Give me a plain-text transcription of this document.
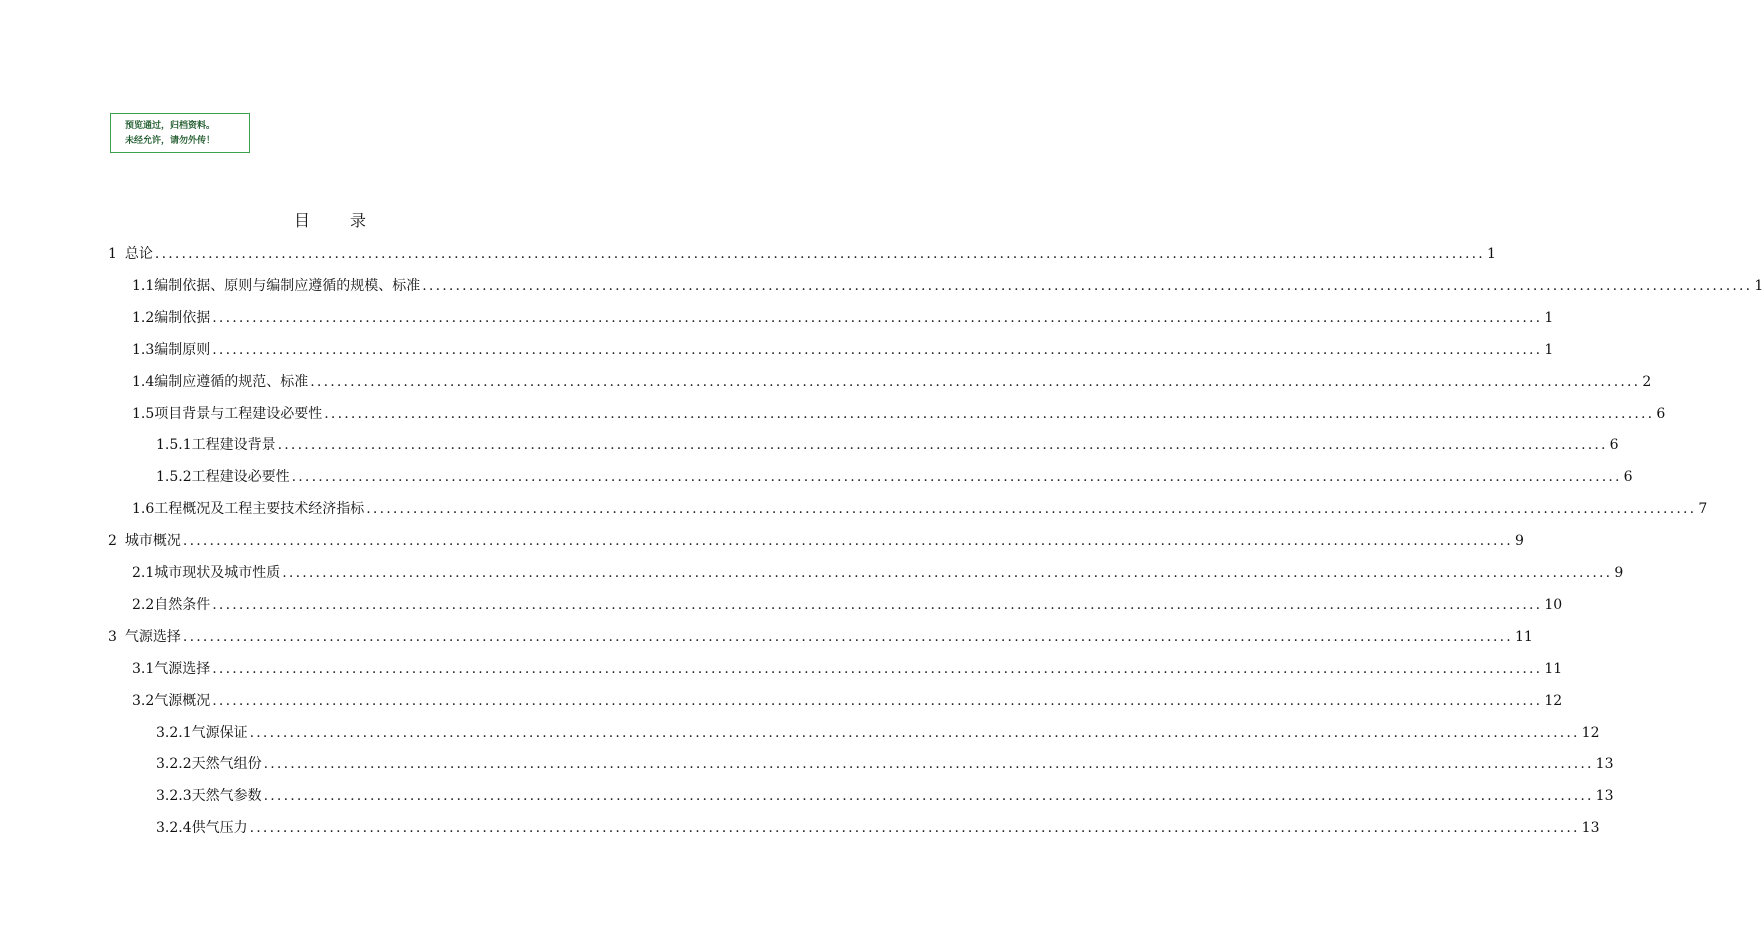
预览通过，归档资料。
未经允许，请勿外传！
目 录
1 总论 ........................................................................................................................................................................................................ 1
1.1 编制依据、原则与编制应遵循的规模、标准 ........................................................................................................................................................................................................ 1
1.2 编制依据 ........................................................................................................................................................................................................ 1
1.3 编制原则 ........................................................................................................................................................................................................ 1
1.4 编制应遵循的规范、标准 ........................................................................................................................................................................................................ 2
1.5 项目背景与工程建设必要性 ........................................................................................................................................................................................................ 6
1.5.1 工程建设背景 ........................................................................................................................................................................................................ 6
1.5.2 工程建设必要性 ........................................................................................................................................................................................................ 6
1.6 工程概况及工程主要技术经济指标 ........................................................................................................................................................................................................ 7
2 城市概况 ........................................................................................................................................................................................................ 9
2.1 城市现状及城市性质 ........................................................................................................................................................................................................ 9
2.2 自然条件 ........................................................................................................................................................................................................ 10
3 气源选择 ........................................................................................................................................................................................................ 11
3.1 气源选择 ........................................................................................................................................................................................................ 11
3.2 气源概况 ........................................................................................................................................................................................................ 12
3.2.1 气源保证 ........................................................................................................................................................................................................ 12
3.2.2 天然气组份 ........................................................................................................................................................................................................ 13
3.2.3 天然气参数 ........................................................................................................................................................................................................ 13
3.2.4 供气压力 ........................................................................................................................................................................................................ 13
